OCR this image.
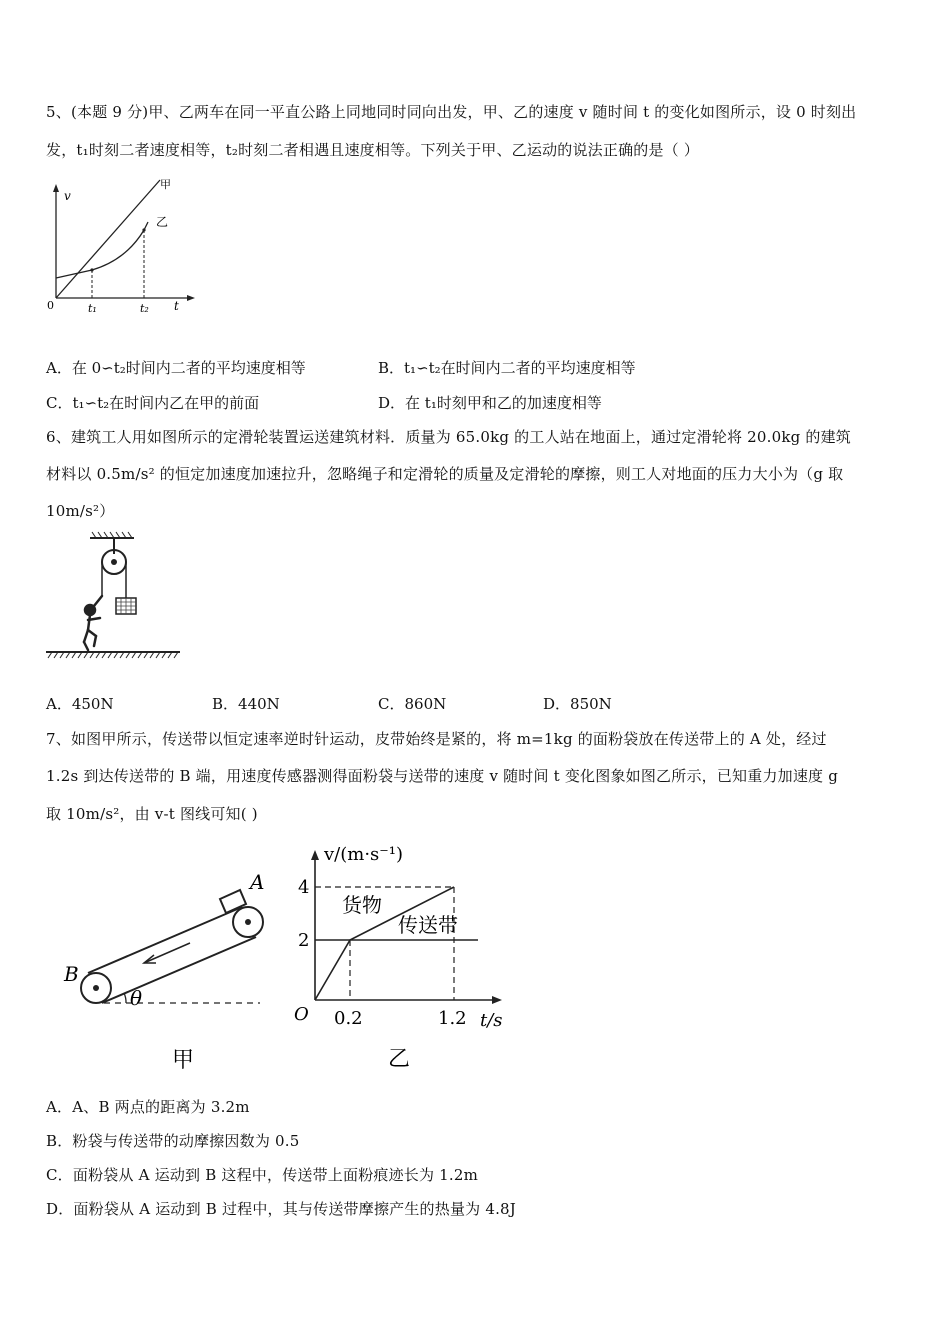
5、(本题 9 分)甲、乙两车在同一平直公路上同地同时同向出发，甲、乙的速度 v 随时间 t 的变化如图所示，设 0 时刻出
发，t₁时刻二者速度相等，t₂时刻二者相遇且速度相等。下列关于甲、乙运动的说法正确的是（ ）
v
0	t₁	t₂ t
甲
乙
A．在 0∽t₂时间内二者的平均速度相等	B．t₁∽t₂在时间内二者的平均速度相等
C．t₁∽t₂在时间内乙在甲的前面	D．在 t₁时刻甲和乙的加速度相等
6、建筑工人用如图所示的定滑轮装置运送建筑材料．质量为 65.0kg 的工人站在地面上，通过定滑轮将 20.0kg 的建筑
材料以 0.5m/s² 的恒定加速度加速拉升，忽略绳子和定滑轮的质量及定滑轮的摩擦，则工人对地面的压力大小为（g 取
10m/s²）
A．450N	B．440N	C．860N	D．850N
7、如图甲所示，传送带以恒定速率逆时针运动，皮带始终是紧的，将 m=1kg 的面粉袋放在传送带上的 A 处，经过
1.2s 到达传送带的 B 端，用速度传感器测得面粉袋与送带的速度 v 随时间 t 变化图象如图乙所示，已知重力加速度 g
取 10m/s²，由 v-t 图线可知( )
θ
B
A
甲
v/(m·s⁻¹)
4
2
O 0.2	1.2 t/s
货物
传送带
乙
A．A、B 两点的距离为 3.2m
B．粉袋与传送带的动摩擦因数为 0.5
C．面粉袋从 A 运动到 B 这程中，传送带上面粉痕迹长为 1.2m
D．面粉袋从 A 运动到 B 过程中，其与传送带摩擦产生的热量为 4.8J
